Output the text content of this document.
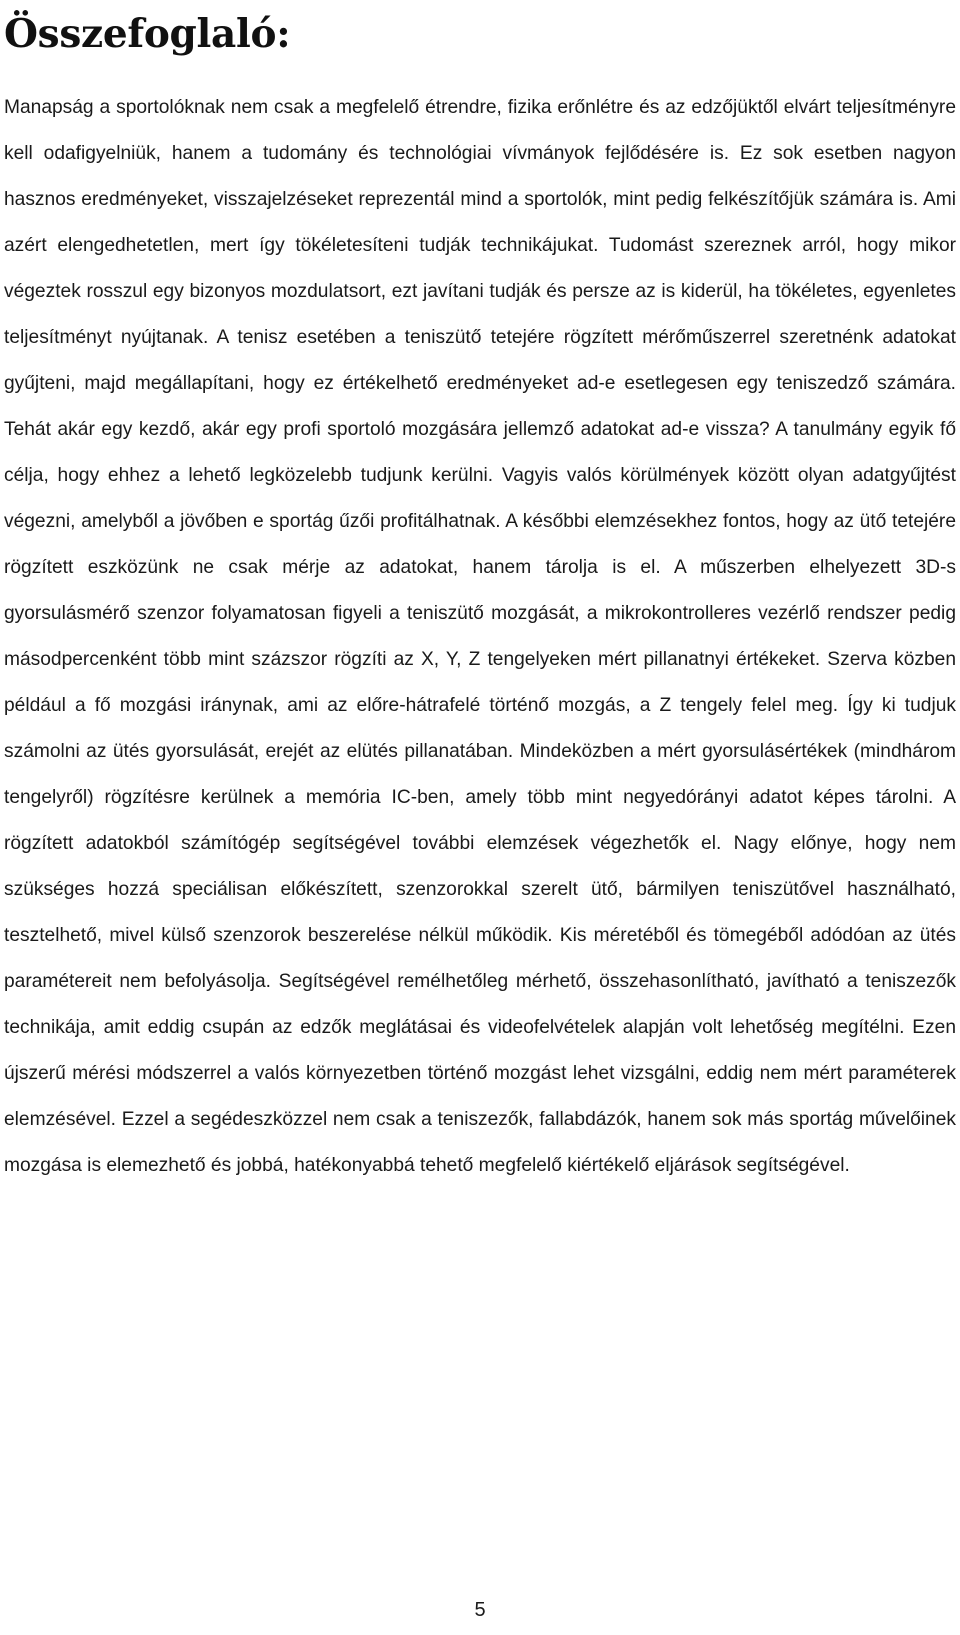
Összefoglaló:

Manapság a sportolóknak nem csak a megfelelő étrendre, fizika erőnlétre és az edzőjüktől elvárt teljesítményre kell odafigyelniük, hanem a tudomány és technológiai vívmányok fejlődésére is. Ez sok esetben nagyon hasznos eredményeket, visszajelzéseket reprezentál mind a sportolók, mint pedig felkészítőjük számára is. Ami azért elengedhetetlen, mert így tökéletesíteni tudják technikájukat. Tudomást szereznek arról, hogy mikor végeztek rosszul egy bizonyos mozdulatsort, ezt javítani tudják és persze az is kiderül, ha tökéletes, egyenletes teljesítményt nyújtanak. A tenisz esetében a teniszütő tetejére rögzített mérőműszerrel szeretnénk adatokat gyűjteni, majd megállapítani, hogy ez értékelhető eredményeket ad-e esetlegesen egy teniszedző számára. Tehát akár egy kezdő, akár egy profi sportoló mozgására jellemző adatokat ad-e vissza? A tanulmány egyik fő célja, hogy ehhez a lehető legközelebb tudjunk kerülni. Vagyis valós körülmények között olyan adatgyűjtést végezni, amelyből a jövőben e sportág űzői profitálhatnak. A későbbi elemzésekhez fontos, hogy az ütő tetejére rögzített eszközünk ne csak mérje az adatokat, hanem tárolja is el. A műszerben elhelyezett 3D-s gyorsulásmérő szenzor folyamatosan figyeli a teniszütő mozgását, a mikrokontrolleres vezérlő rendszer pedig másodpercenként több mint százszor rögzíti az X, Y, Z tengelyeken mért pillanatnyi értékeket. Szerva közben például a fő mozgási iránynak, ami az előre-hátrafelé történő mozgás, a Z tengely felel meg. Így ki tudjuk számolni az ütés gyorsulását, erejét az elütés pillanatában. Mindeközben a mért gyorsulásértékek (mindhárom tengelyről) rögzítésre kerülnek a memória IC-ben, amely több mint negyedórányi adatot képes tárolni. A rögzített adatokból számítógép segítségével további elemzések végezhetők el. Nagy előnye, hogy nem szükséges hozzá speciálisan előkészített, szenzorokkal szerelt ütő, bármilyen teniszütővel használható, tesztelhető, mivel külső szenzorok beszerelése nélkül működik. Kis méretéből és tömegéből adódóan az ütés paramétereit nem befolyásolja. Segítségével remélhetőleg mérhető, összehasonlítható, javítható a teniszezők technikája, amit eddig csupán az edzők meglátásai és videofelvételek alapján volt lehetőség megítélni. Ezen újszerű mérési módszerrel a valós környezetben történő mozgást lehet vizsgálni, eddig nem mért paraméterek elemzésével. Ezzel a segédeszközzel nem csak a teniszezők, fallabdázók, hanem sok más sportág művelőinek mozgása is elemezhető és jobbá, hatékonyabbá tehető megfelelő kiértékelő eljárások segítségével.

5
